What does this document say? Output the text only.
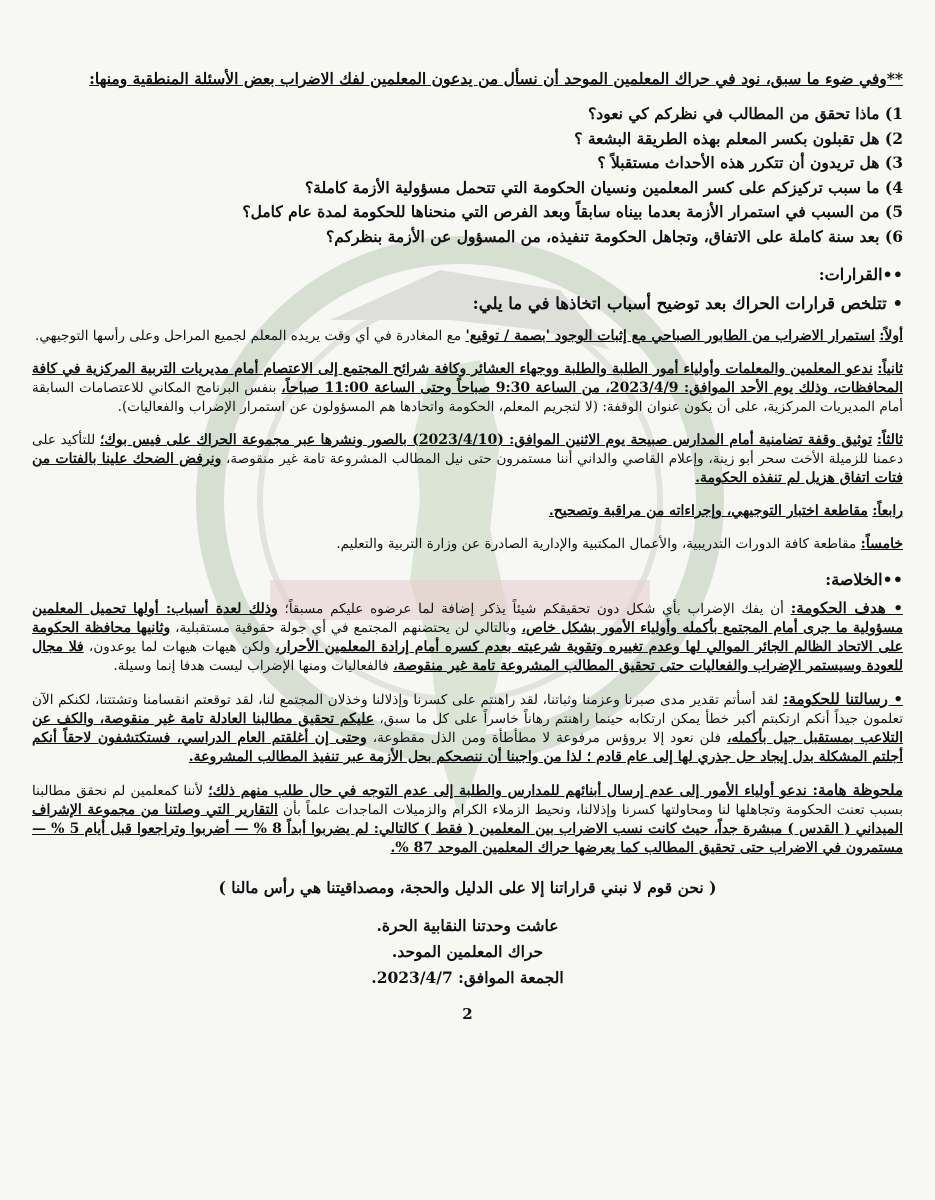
**وفي ضوء ما سبق، نود في حراك المعلمين الموحد أن نسأل من يدعون المعلمين لفك الاضراب بعض الأسئلة المنطقية ومنها:

1) ماذا تحقق من المطالب في نظركم كي نعود؟
2) هل تقبلون بكسر المعلم بهذه الطريقة البشعة ؟
3) هل تريدون أن تتكرر هذه الأحداث مستقبلاً ؟
4) ما سبب تركيزكم على كسر المعلمين ونسيان الحكومة التي تتحمل مسؤولية الأزمة كاملة؟
5) من السبب في استمرار الأزمة بعدما بيناه سابقاً وبعد الفرص التي منحناها للحكومة لمدة عام كامل؟
6) بعد سنة كاملة على الاتفاق، وتجاهل الحكومة تنفيذه، من المسؤول عن الأزمة بنظركم؟
••القرارات:
• تتلخص قرارات الحراك بعد توضيح أسباب اتخاذها في ما يلي:

أولاً: استمرار الاضراب من الطابور الصباحي مع إثبات الوجود 'بصمة / توقيع' مع المغادرة في أي وقت يريده المعلم لجميع المراحل وعلى رأسها التوجيهي.

ثانياً: ندعو المعلمين والمعلمات وأولياء أمور الطلبة والطلبة ووجهاء العشائر وكافة شرائح المجتمع إلى الاعتصام أمام مديريات التربية المركزية في كافة المحافظات، وذلك يوم الأحد الموافق: 2023/4/9، من الساعة 9:30 صباحاً وحتى الساعة 11:00 صباحاً، بنفس البرنامج المكاني للاعتصامات السابقة أمام المديريات المركزية، على أن يكون عنوان الوقفة: (لا لتجريم المعلم، الحكومة واتحادها هم المسؤولون عن استمرار الإضراب والفعاليات).

ثالثاً: توثيق وقفة تضامنية أمام المدارس صبيحة يوم الاثنين الموافق: (2023/4/10) بالصور ونشرها عبر مجموعة الحراك على فيس بوك؛ للتأكيد على دعمنا للزميلة الأخت سحر أبو زينة، وإعلام القاصي والداني أننا مستمرون حتى نيل المطالب المشروعة تامة غير منقوصة، ونرفض الضحك علينا بالفتات من فتات اتفاق هزيل لم تنفذه الحكومة.

رابعاً: مقاطعة اختبار التوجيهي، وإجراءاته من مراقبة وتصحيح.

خامساً: مقاطعة كافة الدورات التدريبية، والأعمال المكتبية والإدارية الصادرة عن وزارة التربية والتعليم.

••الخلاصة:

• هدف الحكومة: أن يفك الإضراب بأي شكل دون تحقيقكم شيئاً يذكر إضافة لما عرضوه عليكم مسبقاً؛ وذلك لعدة أسباب: أولها تحميل المعلمين مسؤولية ما جرى أمام المجتمع بأكمله وأولياء الأمور بشكل خاص، وبالتالي لن يحتضنهم المجتمع في أي جولة حقوقية مستقبلية، وثانيها محافظة الحكومة على الاتحاد الظالم الجائر الموالي لها وعدم تغييره وتقوية شرعيته بعدم كسره أمام إرادة المعلمين الأحرار، ولكن هيهات هيهات لما يوعدون، فلا مجال للعودة وسيستمر الإضراب والفعاليات حتى تحقيق المطالب المشروعة تامة غير منقوصة، فالفعاليات ومنها الإضراب ليست هدفا إنما وسيلة.

• رسالتنا للحكومة: لقد أسأتم تقدير مدى صبرنا وعزمنا وثباتنا، لقد راهنتم على كسرنا وإذلالنا وخذلان المجتمع لنا، لقد توقعتم انقسامنا وتشتتنا، لكنكم الآن تعلمون جيداً أنكم ارتكبتم أكبر خطأ يمكن ارتكابه حينما راهنتم رهاناً خاسراً على كل ما سبق، عليكم تحقيق مطالبنا العادلة تامة غير منقوصة، والكف عن التلاعب بمستقبل جيل بأكمله، فلن نعود إلا بروؤس مرفوعة لا مطأطأة ومن الذل مقطوعة، وحتى إن أغلقتم العام الدراسي، فستكتشفون لاحقاً أنكم أجلتم المشكلة بدل إيجاد حل جذري لها إلى عام قادم ؛ لذا من واجبنا أن ننصحكم بحل الأزمة عبر تنفيذ المطالب المشروعة.

ملحوظة هامة: ندعو أولياء الأمور إلى عدم إرسال أبنائهم للمدارس والطلبة إلى عدم التوجه في حال طلب منهم ذلك؛ لأننا كمعلمين لم نحقق مطالبنا بسبب تعنت الحكومة وتجاهلها لنا ومحاولتها كسرنا وإذلالنا، ونحيط الزملاء الكرام والزميلات الماجدات علماً بأن التقارير التي وصلتنا من مجموعة الإشراف الميداني ( القدس ) مبشرة جداً، حيث كانت نسب الاضراب بين المعلمين ( فقط ) كالتالي: لم يضربوا أبداً 8 % — أضربوا وتراجعوا قبل أيام 5 % — مستمرون في الاضراب حتى تحقيق المطالب كما يعرضها حراك المعلمين الموحد 87 %.

( نحن قوم لا نبني قراراتنا إلا على الدليل والحجة، ومصداقيتنا هي رأس مالنا )
عاشت وحدتنا النقابية الحرة.
حراك المعلمين الموحد.
الجمعة الموافق: 2023/4/7.
2
